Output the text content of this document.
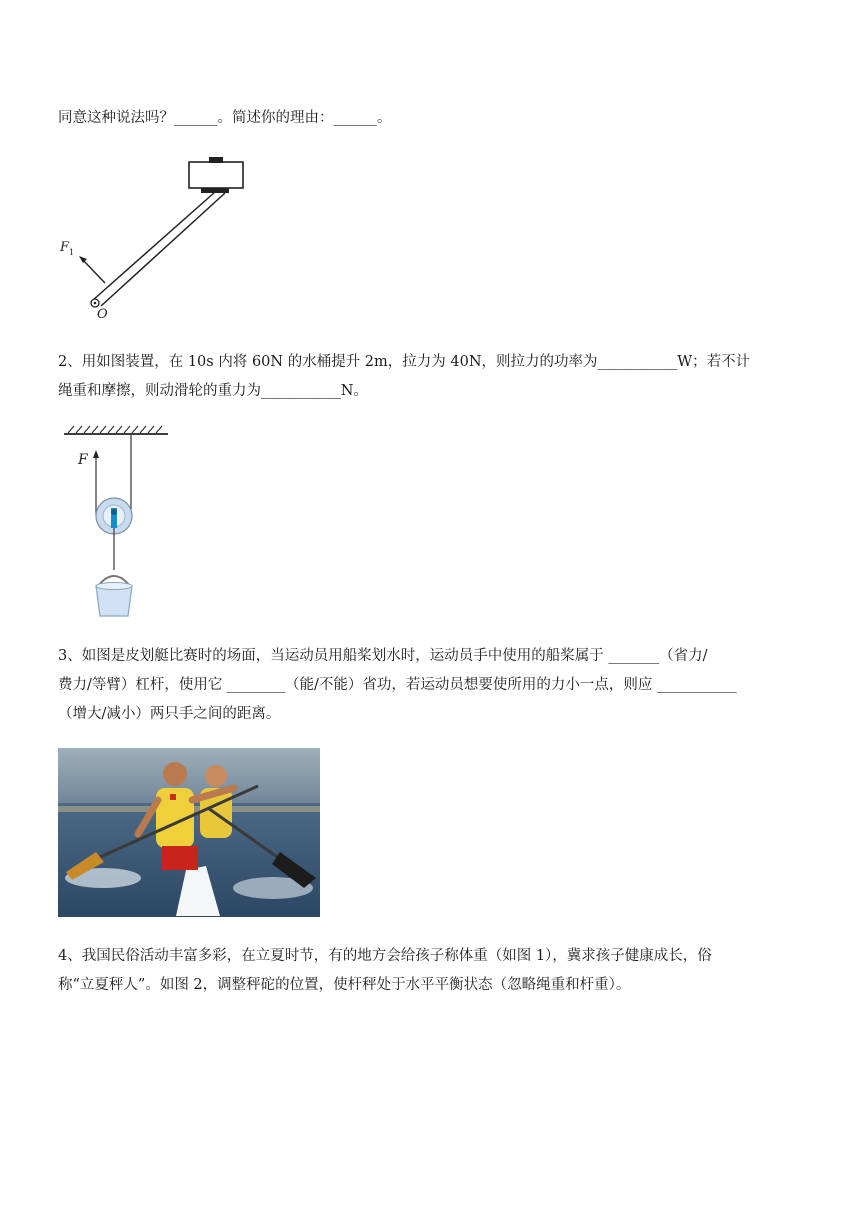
同意这种说法吗？______。简述你的理由：______。
F 1
O
2、用如图装置，在 10s 内将 60N 的水桶提升 2m，拉力为 40N，则拉力的功率为___________W；若不计
绳重和摩擦，则动滑轮的重力为___________N。
F
3、如图是皮划艇比赛时的场面，当运动员用船桨划水时，运动员手中使用的船桨属于 _______（省力/
费力/等臂）杠杆，使用它 ________（能/不能）省功，若运动员想要使所用的力小一点，则应 ___________
（增大/减小）两只手之间的距离。
4、我国民俗活动丰富多彩，在立夏时节，有的地方会给孩子称体重（如图 1），冀求孩子健康成长，俗
称“立夏秤人”。如图 2，调整秤砣的位置，使杆秤处于水平平衡状态（忽略绳重和杆重）。
